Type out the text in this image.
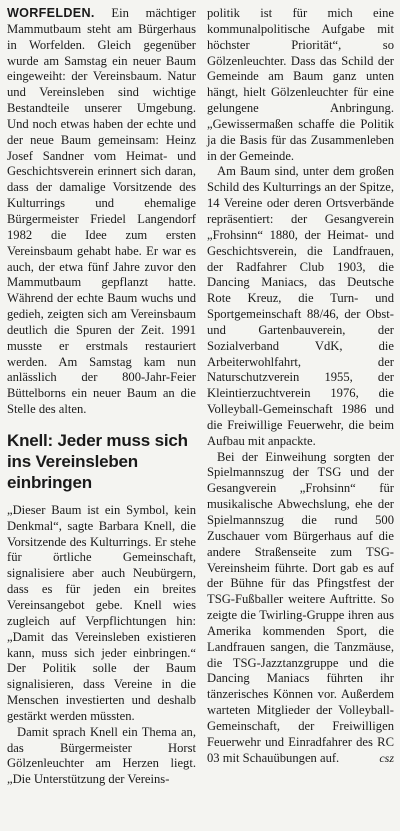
WORFELDEN. Ein mächtiger Mammutbaum steht am Bürgerhaus in Worfelden. Gleich gegenüber wurde am Samstag ein neuer Baum eingeweiht: der Vereinsbaum. Natur und Vereinsleben sind wichtige Bestandteile unserer Umgebung. Und noch etwas haben der echte und der neue Baum gemeinsam: Heinz Josef Sandner vom Heimat- und Geschichtsverein erinnert sich daran, dass der damalige Vorsitzende des Kulturrings und ehemalige Bürgermeister Friedel Langendorf 1982 die Idee zum ersten Vereinsbaum gehabt habe. Er war es auch, der etwa fünf Jahre zuvor den Mammutbaum gepflanzt hatte. Während der echte Baum wuchs und gedieh, zeigten sich am Vereinsbaum deutlich die Spuren der Zeit. 1991 musste er erstmals restauriert werden. Am Samstag kam nun anlässlich der 800-Jahr-Feier Büttelborns ein neuer Baum an die Stelle des alten.

Knell: Jeder muss sich ins Vereinsleben einbringen

„Dieser Baum ist ein Symbol, kein Denkmal“, sagte Barbara Knell, die Vorsitzende des Kulturrings. Er stehe für örtliche Gemeinschaft, signalisiere aber auch Neubürgern, dass es für jeden ein breites Vereinsangebot gebe. Knell wies zugleich auf Verpflichtungen hin: „Damit das Vereinsleben existieren kann, muss sich jeder einbringen.“ Der Politik solle der Baum signalisieren, dass Vereine in die Menschen investierten und deshalb gestärkt werden müssten.

Damit sprach Knell ein Thema an, das Bürgermeister Horst Gölzenleuchter am Herzen liegt. „Die Unterstützung der Vereins-

politik ist für mich eine kommunalpolitische Aufgabe mit höchster Priorität“, so Gölzenleuchter. Dass das Schild der Gemeinde am Baum ganz unten hängt, hielt Gölzenleuchter für eine gelungene Anbringung. „Gewissermaßen schaffe die Politik ja die Basis für das Zusammenleben in der Gemeinde.

Am Baum sind, unter dem großen Schild des Kulturrings an der Spitze, 14 Vereine oder deren Ortsverbände repräsentiert: der Gesangverein „Frohsinn“ 1880, der Heimat- und Geschichtsverein, die Landfrauen, der Radfahrer Club 1903, die Dancing Maniacs, das Deutsche Rote Kreuz, die Turn- und Sportgemeinschaft 88/46, der Obst- und Gartenbauverein, der Sozialverband VdK, die Arbeiterwohlfahrt, der Naturschutzverein 1955, der Kleintierzuchtverein 1976, die Volleyball-Gemeinschaft 1986 und die Freiwillige Feuerwehr, die beim Aufbau mit anpackte.

Bei der Einweihung sorgten der Spielmannszug der TSG und der Gesangverein „Frohsinn“ für musikalische Abwechslung, ehe der Spielmannszug die rund 500 Zuschauer vom Bürgerhaus auf die andere Straßenseite zum TSG-Vereinsheim führte. Dort gab es auf der Bühne für das Pfingstfest der TSG-Fußballer weitere Auftritte. So zeigte die Twirling-Gruppe ihren aus Amerika kommenden Sport, die Landfrauen sangen, die Tanzmäuse, die TSG-Jazztanzgruppe und die Dancing Maniacs führten ihr tänzerisches Können vor. Außerdem warteten Mitglieder der Volleyball-Gemeinschaft, der Freiwilligen Feuerwehr und Einradfahrer des RC 03 mit Schauübungen auf.	csz
